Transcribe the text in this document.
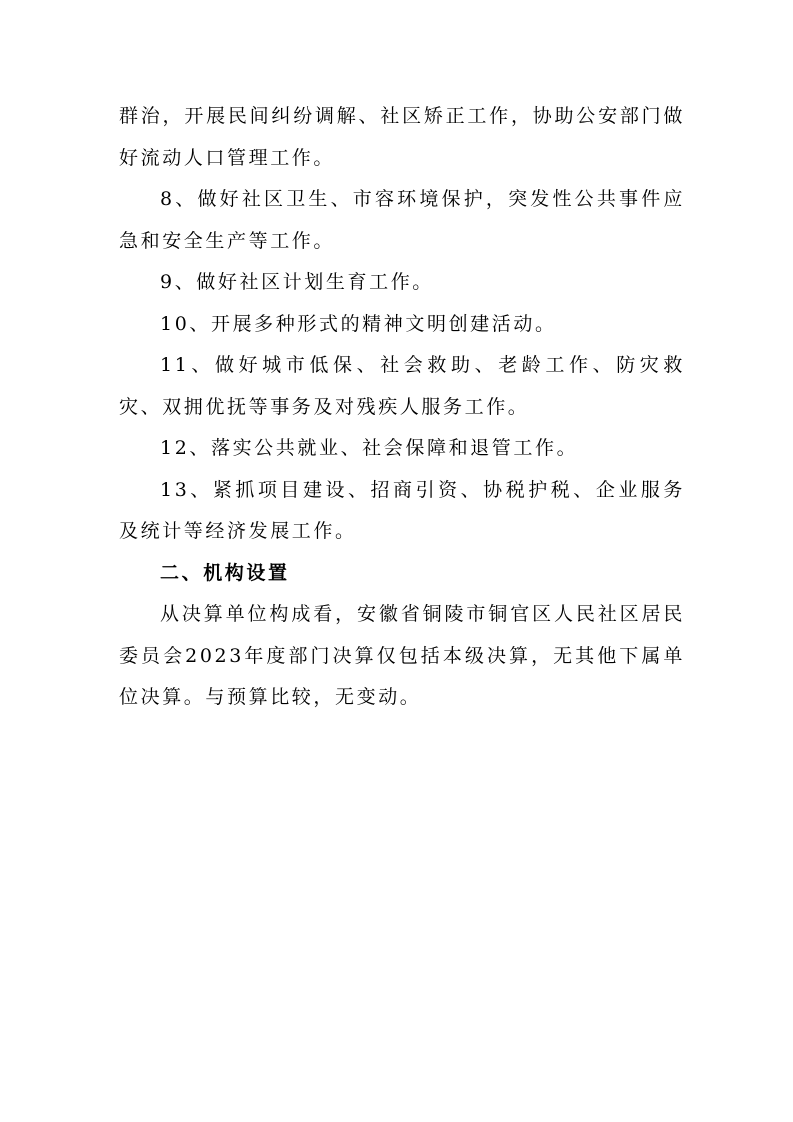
群治，开展民间纠纷调解、社区矫正工作，协助公安部门做好流动人口管理工作。

8、做好社区卫生、市容环境保护，突发性公共事件应急和安全生产等工作。

9、做好社区计划生育工作。

10、开展多种形式的精神文明创建活动。

11、做好城市低保、社会救助、老龄工作、防灾救灾、双拥优抚等事务及对残疾人服务工作。

12、落实公共就业、社会保障和退管工作。

13、紧抓项目建设、招商引资、协税护税、企业服务及统计等经济发展工作。

二、机构设置

从决算单位构成看，安徽省铜陵市铜官区人民社区居民委员会2023年度部门决算仅包括本级决算，无其他下属单位决算。与预算比较，无变动。
